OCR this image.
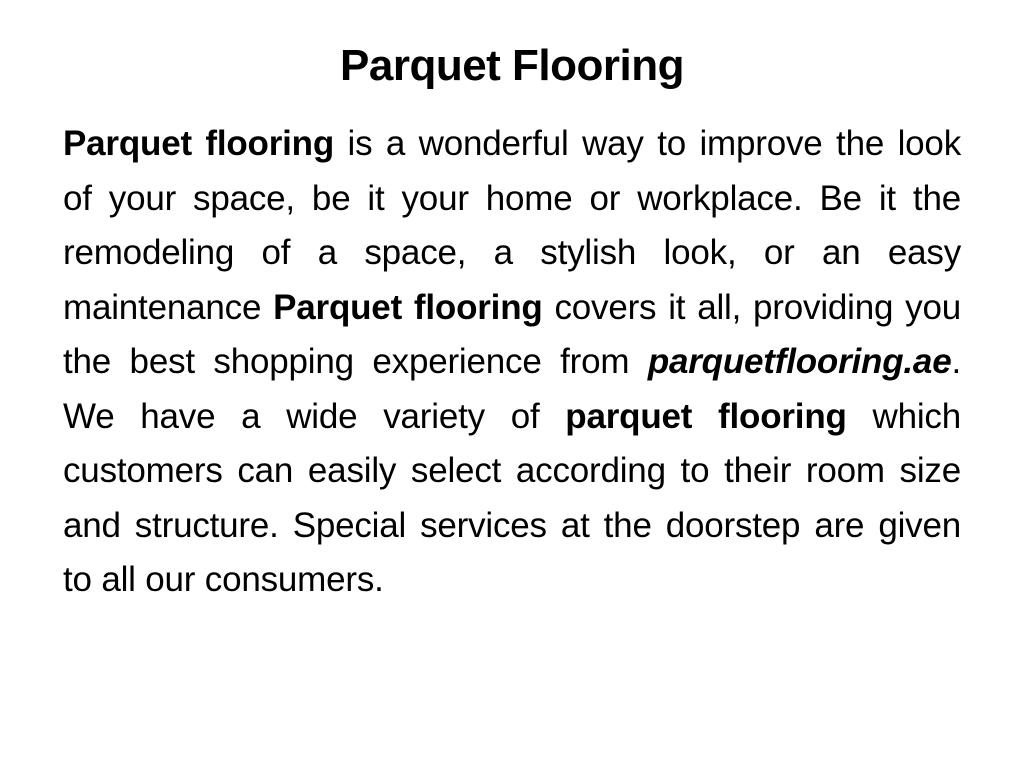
Parquet Flooring

Parquet flooring is a wonderful way to improve the look of your space, be it your home or workplace. Be it the remodeling of a space, a stylish look, or an easy maintenance Parquet flooring covers it all, providing you the best shopping experience from parquetflooring.ae. We have a wide variety of parquet flooring which customers can easily select according to their room size and structure. Special services at the doorstep are given to all our consumers.
